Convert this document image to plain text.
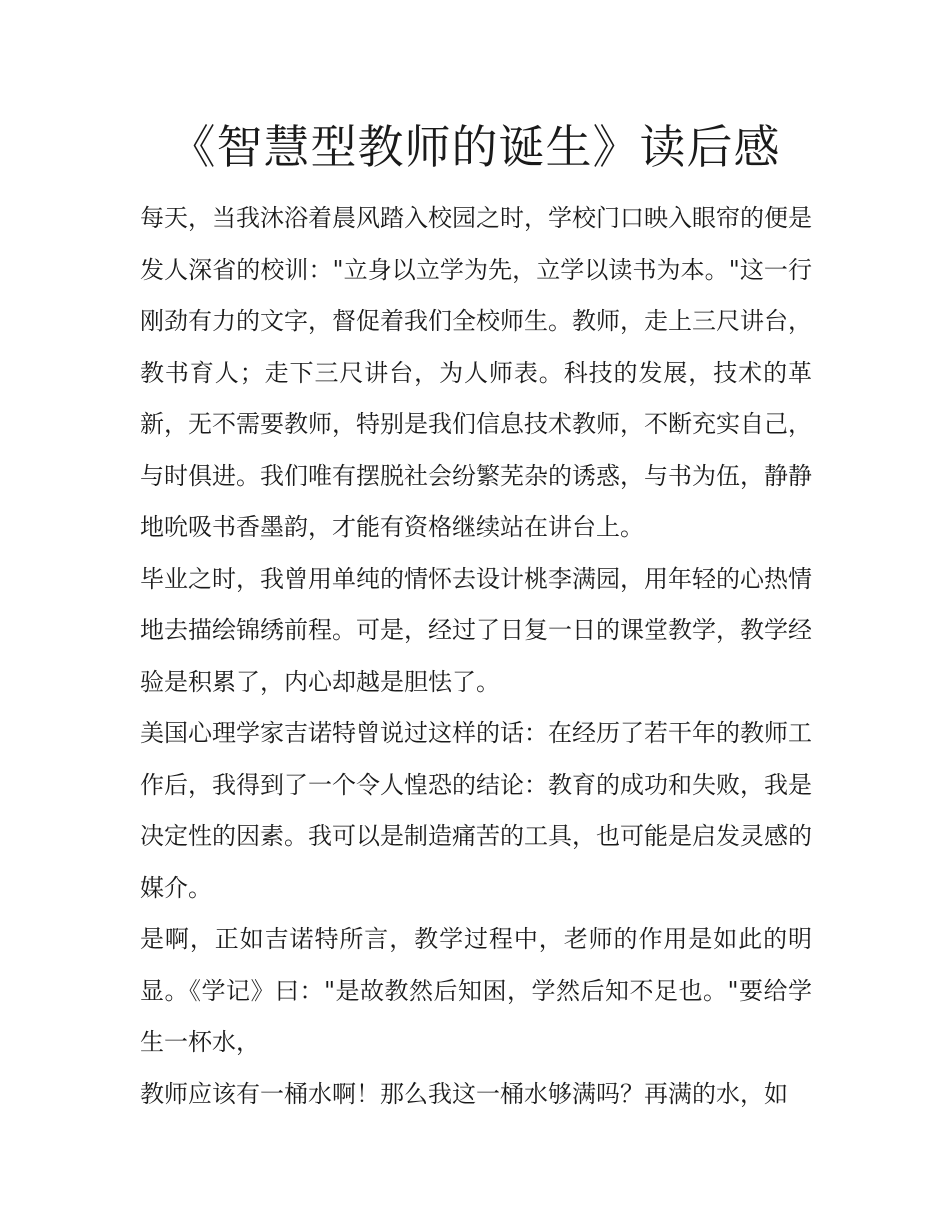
《智慧型教师的诞生》读后感

每天，当我沐浴着晨风踏入校园之时，学校门口映入眼帘的便是发人深省的校训："立身以立学为先，立学以读书为本。"这一行刚劲有力的文字，督促着我们全校师生。教师，走上三尺讲台，教书育人；走下三尺讲台，为人师表。科技的发展，技术的革新，无不需要教师，特别是我们信息技术教师，不断充实自己，与时俱进。我们唯有摆脱社会纷繁芜杂的诱惑，与书为伍，静静地吮吸书香墨韵，才能有资格继续站在讲台上。

毕业之时，我曾用单纯的情怀去设计桃李满园，用年轻的心热情地去描绘锦绣前程。可是，经过了日复一日的课堂教学，教学经验是积累了，内心却越是胆怯了。

美国心理学家吉诺特曾说过这样的话：在经历了若干年的教师工作后，我得到了一个令人惶恐的结论：教育的成功和失败，我是决定性的因素。我可以是制造痛苦的工具，也可能是启发灵感的媒介。

是啊，正如吉诺特所言，教学过程中，老师的作用是如此的明显。《学记》曰："是故教然后知困，学然后知不足也。"要给学生一杯水，

教师应该有一桶水啊！那么我这一桶水够满吗？再满的水，如
